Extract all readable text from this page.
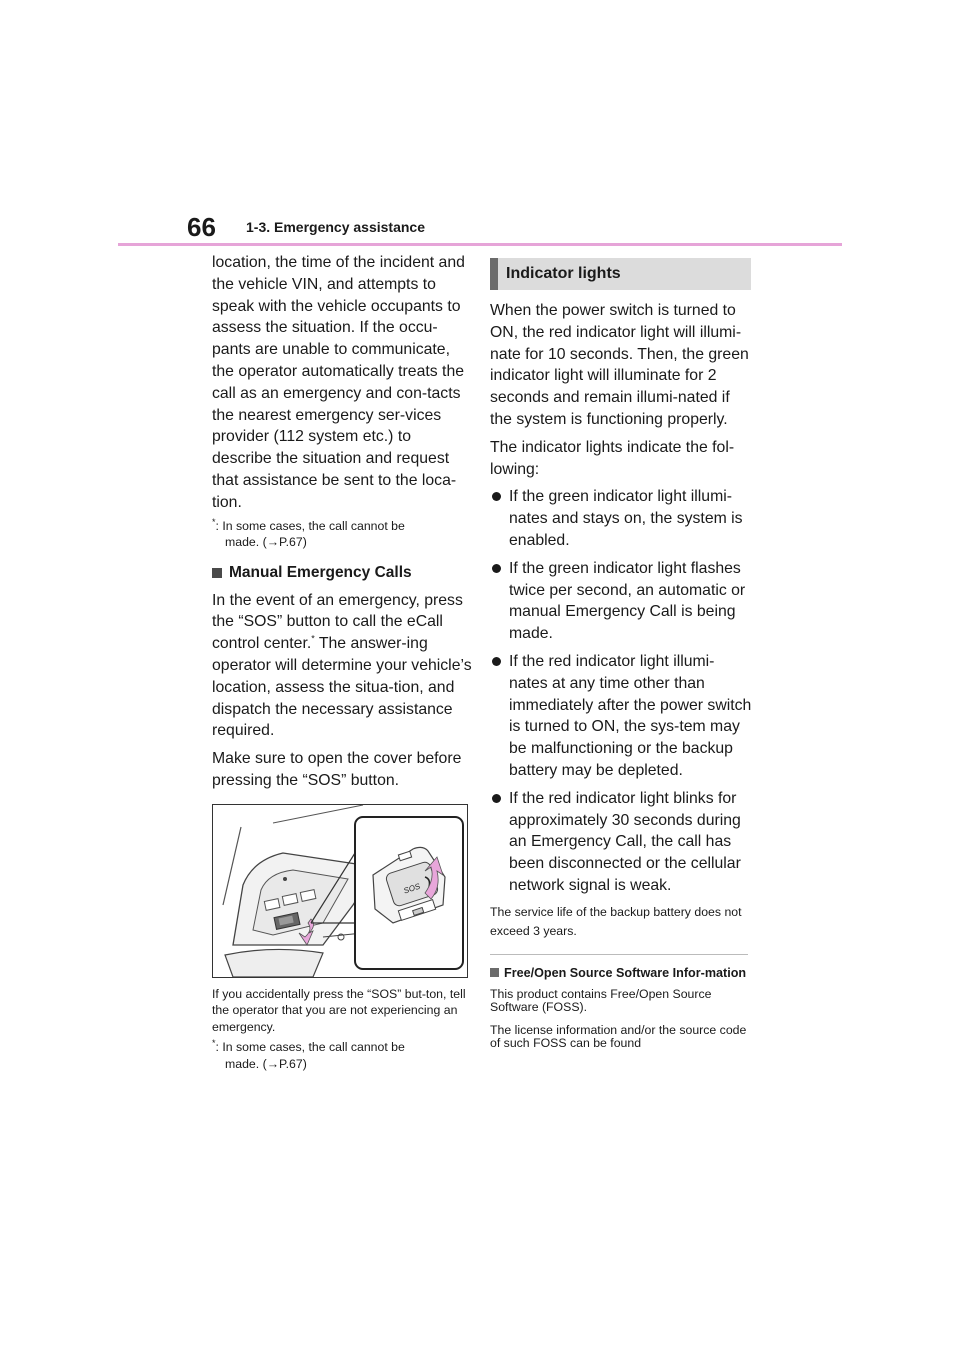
66 1-3. Emergency assistance

location, the time of the incident and the vehicle VIN, and attempts to speak with the vehicle occupants to assess the situation. If the occu-pants are unable to communicate, the operator automatically treats the call as an emergency and con-tacts the nearest emergency ser-vices provider (112 system etc.) to describe the situation and request that assistance be sent to the loca-tion.

*: In some cases, the call cannot be
made. (→P.67)

Manual Emergency Calls

In the event of an emergency, press the “SOS” button to call the eCall control center.* The answer-ing operator will determine your vehicle’s location, assess the situa-tion, and dispatch the necessary assistance required.

Make sure to open the cover before pressing the “SOS” button.

SOS

If you accidentally press the “SOS” but-ton, tell the operator that you are not experiencing an emergency.

*: In some cases, the call cannot be
made. (→P.67)

Indicator lights

When the power switch is turned to ON, the red indicator light will illumi-nate for 10 seconds. Then, the green indicator light will illuminate for 2 seconds and remain illumi-nated if the system is functioning properly.

The indicator lights indicate the fol-lowing:

If the green indicator light illumi-nates and stays on, the system is enabled.
If the green indicator light flashes twice per second, an automatic or manual Emergency Call is being made.
If the red indicator light illumi-nates at any time other than immediately after the power switch is turned to ON, the sys-tem may be malfunctioning or the backup battery may be depleted.
If the red indicator light blinks for approximately 30 seconds during an Emergency Call, the call has been disconnected or the cellular network signal is weak.

The service life of the backup battery does not exceed 3 years.

Free/Open Source Software Infor-mation

This product contains Free/Open Source Software (FOSS).

The license information and/or the source code of such FOSS can be found
